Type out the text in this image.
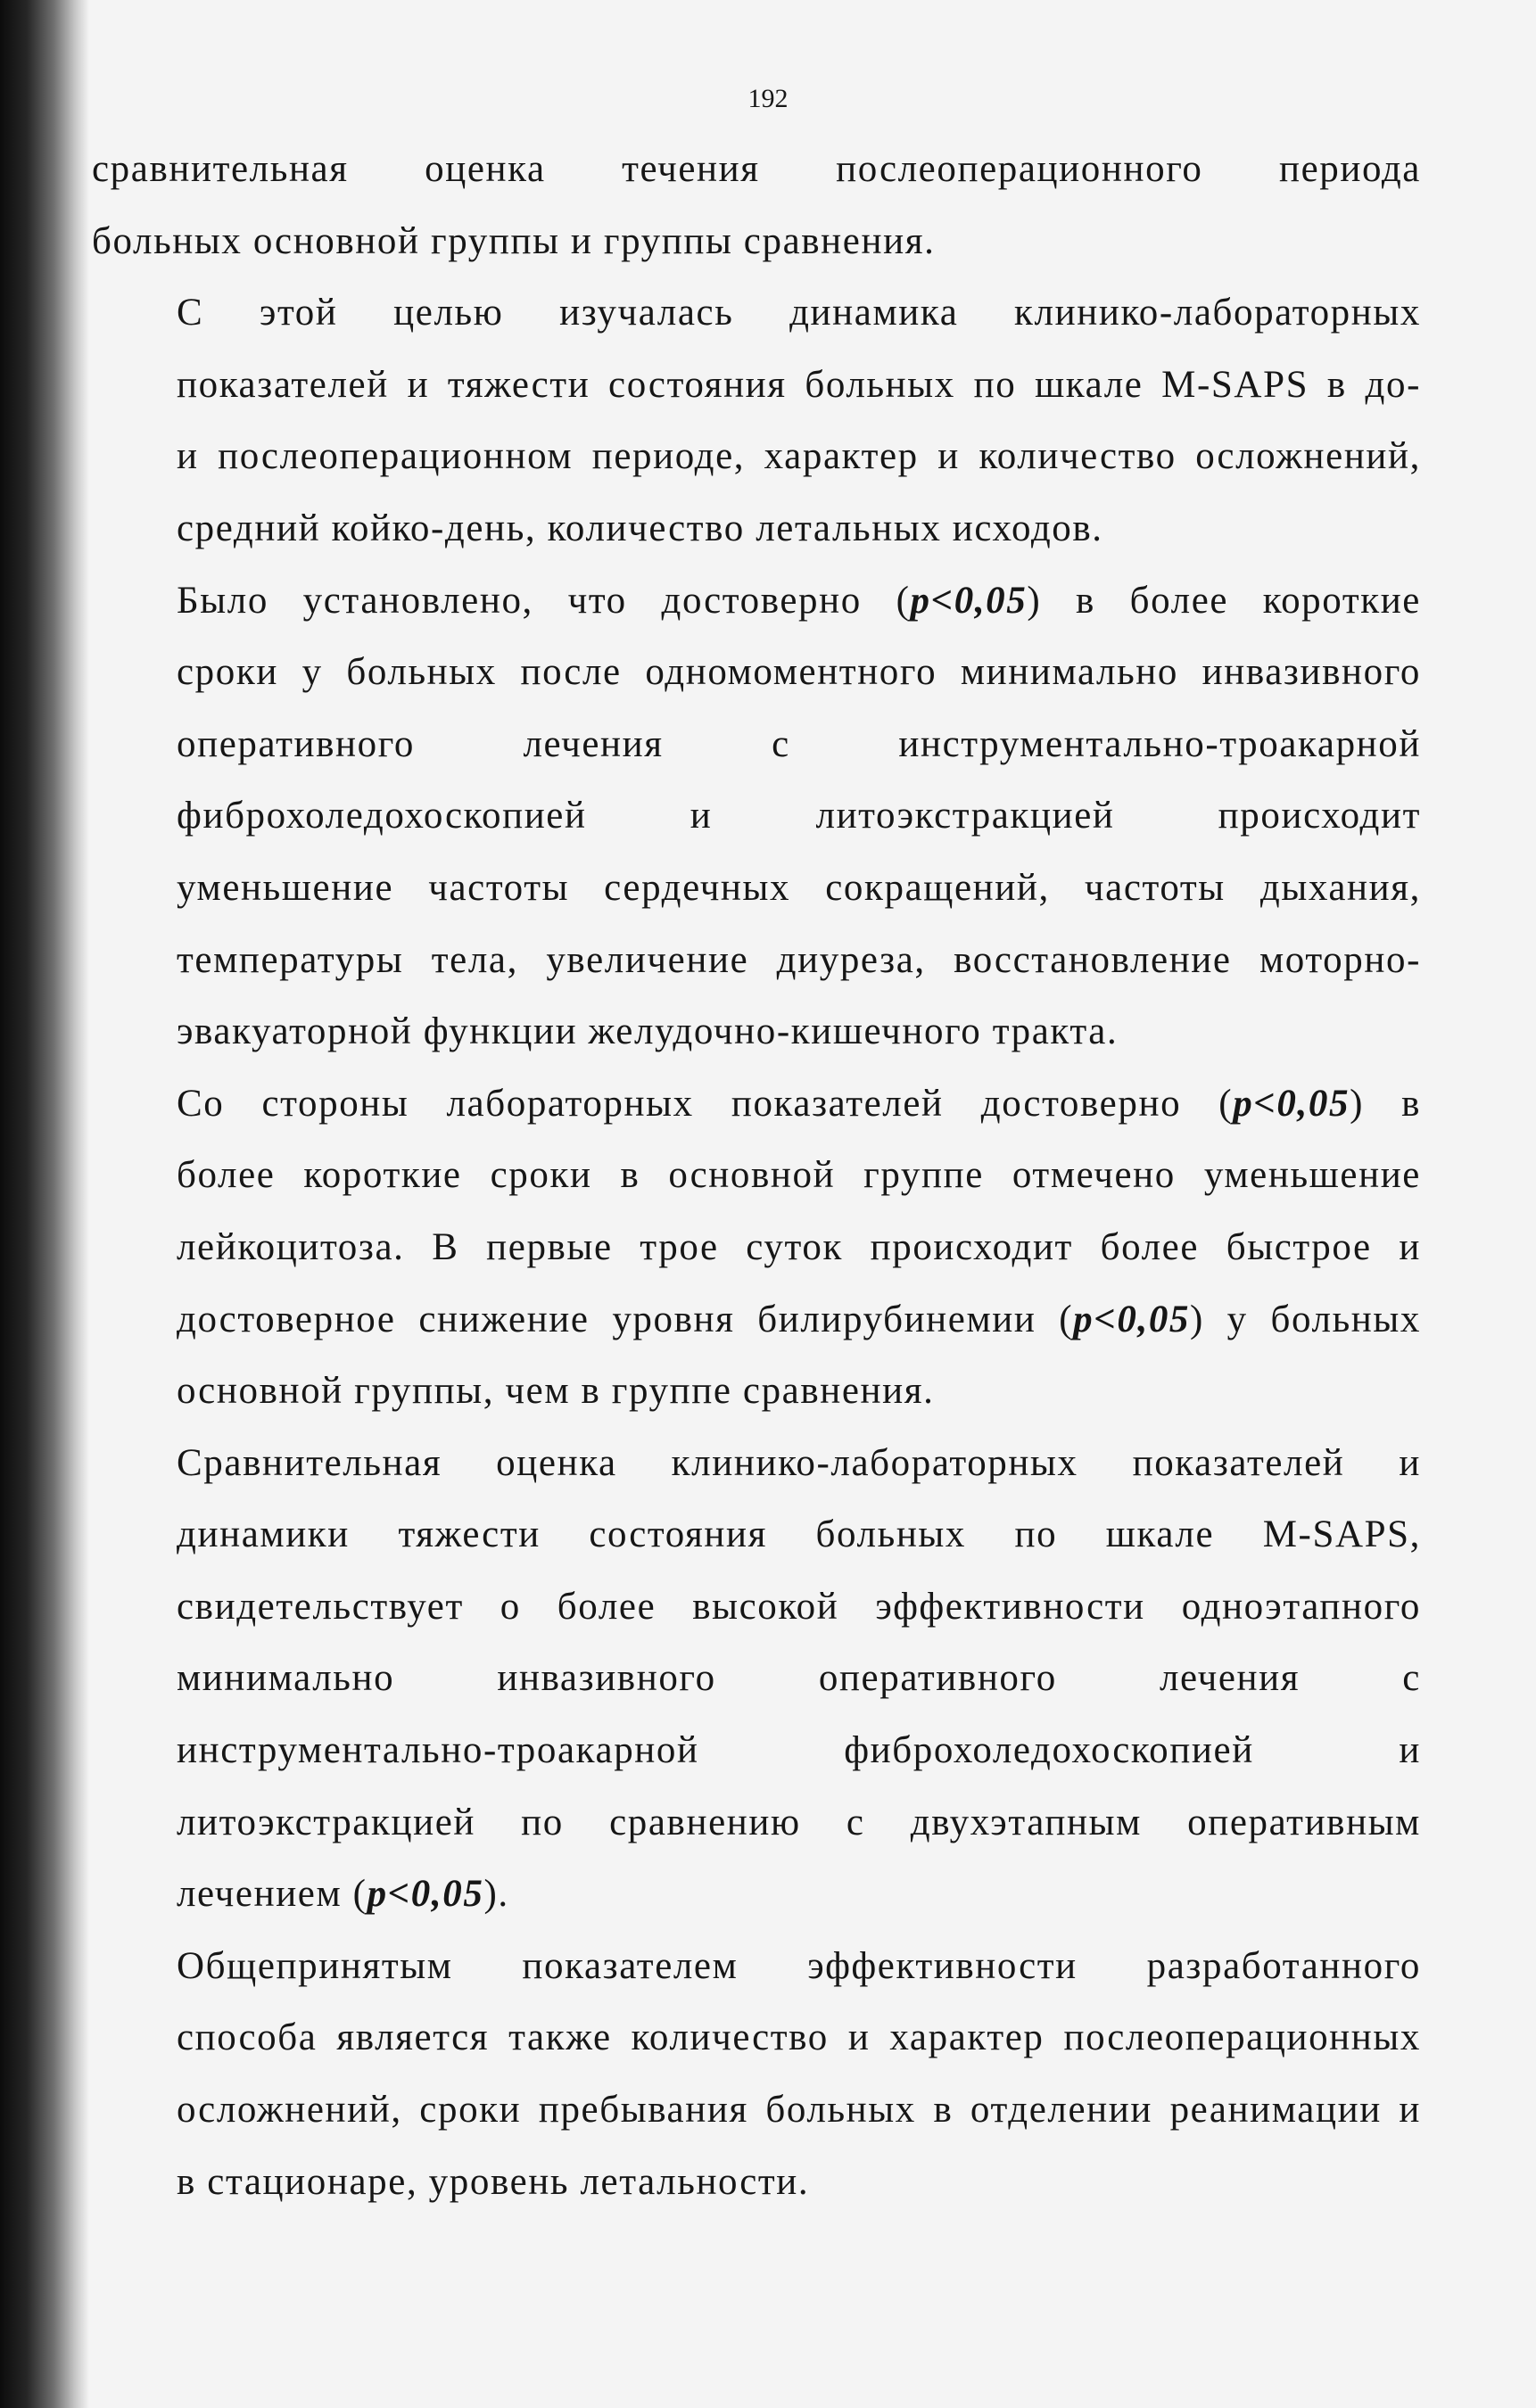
192

сравнительная оценка течения послеоперационного периода
больных основной группы и группы сравнения.

С этой целью изучалась динамика клинико-лабораторных
показателей и тяжести состояния больных по шкале M-SAPS в до-
и послеоперационном периоде, характер и количество осложнений,
средний койко-день, количество летальных исходов.

Было установлено, что достоверно (p<0,05) в более короткие
сроки у больных после одномоментного минимально инвазивного
оперативного лечения с инструментально-троакарной
фиброхоледохоскопией и литоэкстракцией происходит
уменьшение частоты сердечных сокращений, частоты дыхания,
температуры тела, увеличение диуреза, восстановление моторно-
эвакуаторной функции желудочно-кишечного тракта.

Со стороны лабораторных показателей достоверно (p<0,05) в
более короткие сроки в основной группе отмечено уменьшение
лейкоцитоза. В первые трое суток происходит более быстрое и
достоверное снижение уровня билирубинемии (p<0,05) у больных
основной группы, чем в группе сравнения.

Сравнительная оценка клинико-лабораторных показателей и
динамики тяжести состояния больных по шкале M-SAPS,
свидетельствует о более высокой эффективности одноэтапного
минимально инвазивного оперативного лечения с
инструментально-троакарной фиброхоледохоскопией и
литоэкстракцией по сравнению с двухэтапным оперативным
лечением (p<0,05).

Общепринятым показателем эффективности разработанного
способа является также количество и характер послеоперационных
осложнений, сроки пребывания больных в отделении реанимации и
в стационаре, уровень летальности.
